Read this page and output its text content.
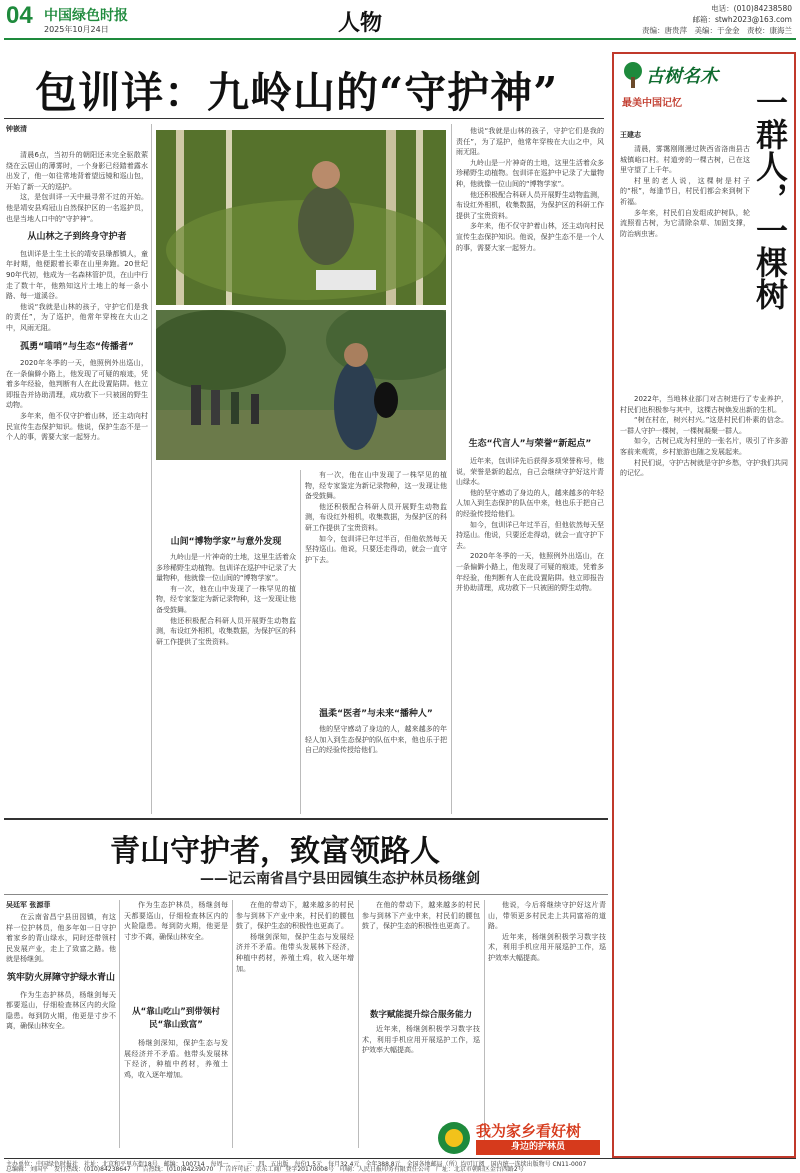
04 中国绿色时报
2025年10月24日	人物
电话：(010)84238580
邮箱：stwh2023@163.com
责编：唐贵萍　美编：于金金　责校：康海兰
包训详：九岭山的“守护神”
钟嵌清

清晨6点，当初升的朝阳还未完全驱散萦绕在云居山的薄雾时，一个身影已经踏着露水出发了，他一如往常地背着望远镜和巡山包，开始了新一天的巡护。

这，是包训详一天中最寻常不过的开始。他是靖安县鸡冠山自然保护区的一名巡护员，也是当地人口中的“守护神”。

从山林之子到终身守护者

包训详是土生土长的靖安县璪都镇人，童年时期，他便跟着长辈在山里奔跑。20世纪90年代初，他成为一名森林管护员，在山中行走了数十年，他熟知这片土地上的每一条小路、每一道溪谷。

他说“我就是山林的孩子，守护它们是我的责任”，为了巡护，他常年穿梭在大山之中，风雨无阻。

孤勇“喵哨”与生态“传播者”

2020年冬季的一天，他照例外出巡山，在一条偏僻小路上，他发现了可疑的痕迹，凭着多年经验，他判断有人在此设置陷阱。他立即报告并协助清理，成功救下一只被困的野生动物。

多年来，他不仅守护着山林，还主动向村民宣传生态保护知识。他说，保护生态不是一个人的事，需要大家一起努力。

山间“博物学家”与意外发现

九岭山是一片神奇的土地，这里生活着众多珍稀野生动植物。包训详在巡护中记录了大量物种，他就像一位山间的“博物学家”。

有一次，他在山中发现了一株罕见的植物，经专家鉴定为新记录物种，这一发现让他备受鼓舞。

他还积极配合科研人员开展野生动物监测，布设红外相机，收集数据，为保护区的科研工作提供了宝贵资料。

有一次，他在山中发现了一株罕见的植物，经专家鉴定为新记录物种，这一发现让他备受鼓舞。

他还积极配合科研人员开展野生动物监测，布设红外相机，收集数据，为保护区的科研工作提供了宝贵资料。

如今，包训详已年过半百，但他依然每天坚持巡山。他说，只要还走得动，就会一直守护下去。

温柔“医者”与未来“播种人”

他的坚守感动了身边的人，越来越多的年轻人加入到生态保护的队伍中来，他也乐于把自己的经验传授给他们。

他说“我就是山林的孩子，守护它们是我的责任”，为了巡护，他常年穿梭在大山之中，风雨无阻。

九岭山是一片神奇的土地，这里生活着众多珍稀野生动植物。包训详在巡护中记录了大量物种，他就像一位山间的“博物学家”。

他还积极配合科研人员开展野生动物监测，布设红外相机，收集数据，为保护区的科研工作提供了宝贵资料。

多年来，他不仅守护着山林，还主动向村民宣传生态保护知识。他说，保护生态不是一个人的事，需要大家一起努力。

生态“代言人”与荣誉“新起点”

近年来，包训详先后获得多项荣誉称号，他说，荣誉是新的起点，自己会继续守护好这片青山绿水。

他的坚守感动了身边的人，越来越多的年轻人加入到生态保护的队伍中来，他也乐于把自己的经验传授给他们。

如今，包训详已年过半百，但他依然每天坚持巡山。他说，只要还走得动，就会一直守护下去。

2020年冬季的一天，他照例外出巡山，在一条偏僻小路上，他发现了可疑的痕迹，凭着多年经验，他判断有人在此设置陷阱。他立即报告并协助清理，成功救下一只被困的野生动物。

古树名木
最美中国记忆 一群人，一棵树
王建志

清晨，雾霭刚刚漫过陕西省洛南县古城镇峪口村。村道旁的一棵古树，已在这里守望了上千年。

村里的老人说，这棵树是村子的“根”，每逢节日，村民们都会来到树下祈福。

多年来，村民们自发组成护树队，轮流照看古树，为它清除杂草、加固支撑，防治病虫害。

2022年，当地林业部门对古树进行了专业养护，村民们也积极参与其中，这棵古树焕发出新的生机。

“树在村在，树兴村兴。”这是村民们朴素的信念。一群人守护一棵树，一棵树凝聚一群人。

如今，古树已成为村里的一张名片，吸引了许多游客前来观赏，乡村旅游也随之发展起来。

村民们说，守护古树就是守护乡愁，守护我们共同的记忆。

青山守护者，致富领路人
——记云南省昌宁县田园镇生态护林员杨继剑
吴廷军 张源菲

在云南省昌宁县田园镇，有这样一位护林员，他多年如一日守护着家乡的青山绿水，同时还带领村民发展产业，走上了致富之路。他就是杨继剑。

筑牢防火屏障守护绿水青山

作为生态护林员，杨继剑每天都要巡山，仔细检查林区内的火险隐患。每到防火期，他更是寸步不离，确保山林安全。

作为生态护林员，杨继剑每天都要巡山，仔细检查林区内的火险隐患。每到防火期，他更是寸步不离，确保山林安全。

从“靠山吃山”到带领村民“靠山致富”

杨继剑深知，保护生态与发展经济并不矛盾。他带头发展林下经济，种植中药材，养殖土鸡，收入逐年增加。

在他的带动下，越来越多的村民参与到林下产业中来，村民们的腰包鼓了，保护生态的积极性也更高了。

杨继剑深知，保护生态与发展经济并不矛盾。他带头发展林下经济，种植中药材，养殖土鸡，收入逐年增加。

在他的带动下，越来越多的村民参与到林下产业中来，村民们的腰包鼓了，保护生态的积极性也更高了。

数字赋能提升综合服务能力

近年来，杨继剑积极学习数字技术，利用手机应用开展巡护工作，巡护效率大幅提高。

他说，今后将继续守护好这片青山，带领更多村民走上共同富裕的道路。

近年来，杨继剑积极学习数字技术，利用手机应用开展巡护工作，巡护效率大幅提高。

我为家乡看好树
身边的护林员
主办单位：中国绿色时报社　社址：北京和平里东街18号　邮编：100714　每周一、二、三、四、五出版　每份1.5元　每月32.4元　全年388.8元　全国各地邮局（所）均可订阅　国内统一连续出版物号 CN11-0007
总编辑：刘国平　发行热线：(010)84238647　广告热线：(010)84239070　广告许可证：京东工商广登字20170008号　印刷：人民日报印务有限责任公司　广址：北京市朝阳区金台西路2号
